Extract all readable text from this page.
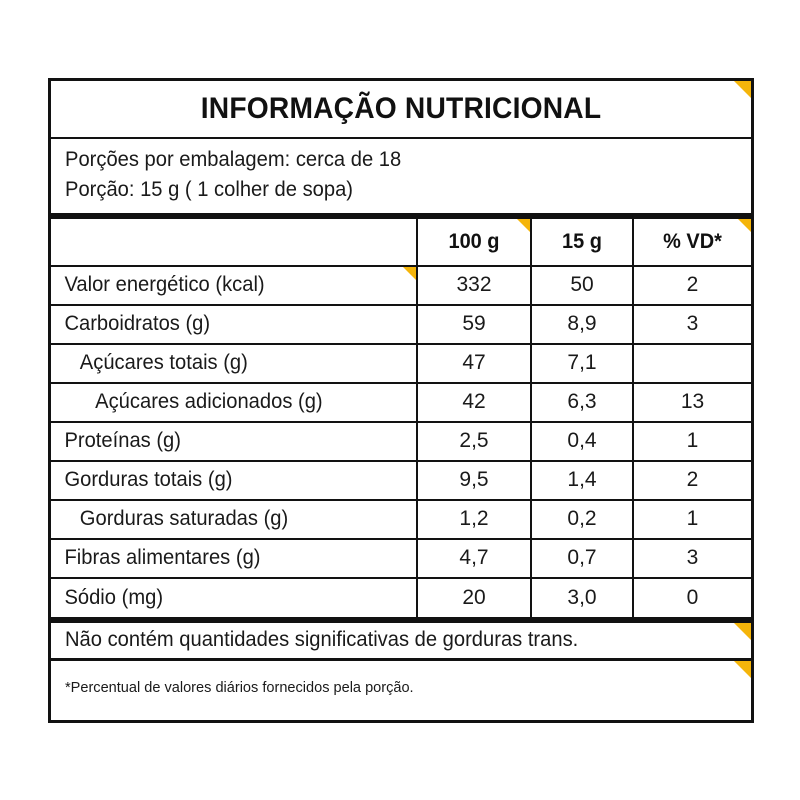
INFORMAÇÃO NUTRICIONAL
Porções por embalagem: cerca de 18
Porção: 15 g ( 1 colher de sopa)

	100 g	15 g	% VD*

Valor energético (kcal)	332	50	2

Carboidratos (g)	59	8,9	3

Açúcares totais (g)	47	7,1	

Açúcares adicionados (g)	42	6,3	13

Proteínas (g)	2,5	0,4	1

Gorduras totais (g)	9,5	1,4	2

Gorduras saturadas (g)	1,2	0,2	1

Fibras alimentares (g)	4,7	0,7	3

Sódio (mg)	20	3,0	0
Não contém quantidades significativas de gorduras trans.
*Percentual de valores diários fornecidos pela porção.
